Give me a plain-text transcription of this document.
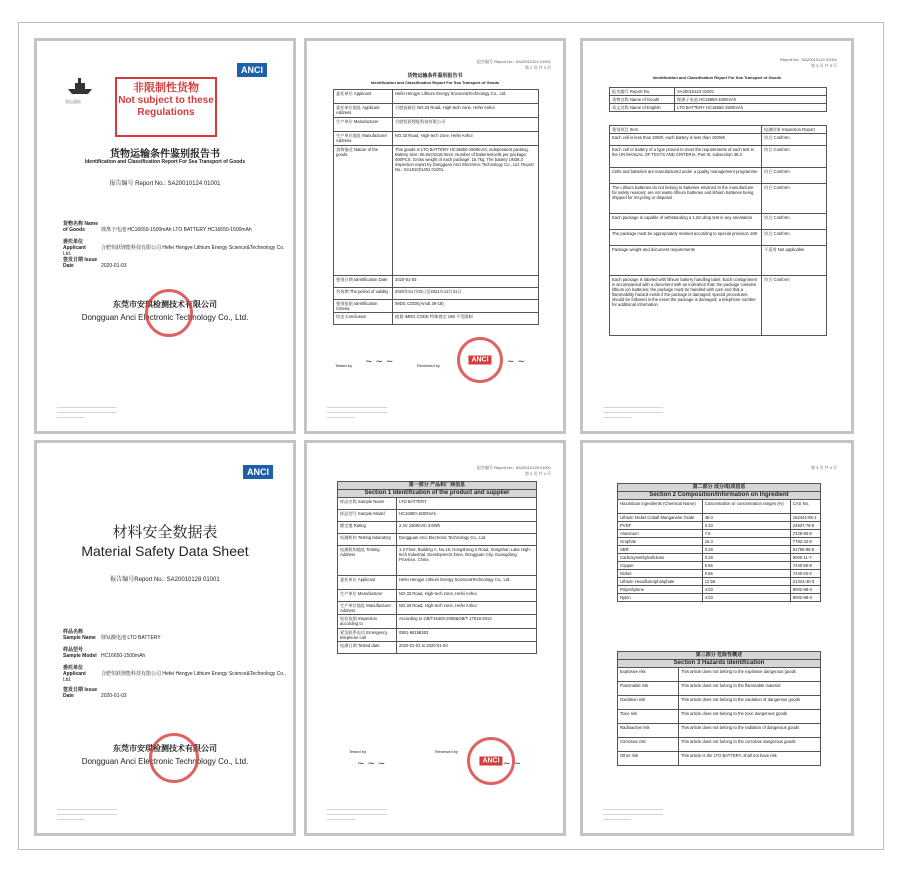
装运品检
ANCI
非限制性货物
Not subject to these Regulations
货物运输条件鉴别报告书
Identification and Classification Report For Sea Transport of Goods
报告编号 Report No.: SA20010124 01001
货物名称 Name of Goods	锂离子电池 HC16650-1500mAh LTO BATTERY HC16650-1500mAh
委托单位 Applicant	合肥恒跃锂能科技有限公司 Hefei Hengye Lithium Energy Science&Technology Co. Ltd.
签发日期 Issue Date	2020-01-03
东莞市安琪检测技术有限公司
Dongguan Anci Electronic Technology Co., Ltd.
———————————————
———————————————
———————
报告编号 Report No.: SA20010124 01001
第 2 页 共 3 页
货物运输条件鉴别报告书
Identification and Classification Report For Sea Transport of Goods
委托单位 Applicant	Hefei Hengye Lithium Energy Science&Technology Co., Ltd.
委托单位地址 Applicant Address	合肥高新区 NO.33 Road, High-tech zone, Hefei Anhui
生产单位 Manufacturer	合肥恒跃锂能科技有限公司
生产单位地址 Manufacturer Address	NO.33 Road, High-tech zone, Hefei Anhui
货物描述 Nature of the goods	This goods is LTO BATTERY HC16650-1500mAh, independent packing. Battery Size: 65.0mmX16.0mm. Number of batteries/cells per package: 400PCS. Gross weight of each package: 16.7kg. The battery UN38.3 inspection report by Dongguan Anci Electronic Technology Co., Ltd. Report No.: SA191021401 01001.
鉴别日期 Identification Date	2020-01-03
有效期 The period of validity	2020年01月03日至2021年12月31日
鉴别依据 Identification Criteria	IMDG CODE(Amdt 39-18)
结论 Conclusion	根据 IMDG CODE 特殊规定 188 不受限制
Tested by ~ ~ ~	Reviewed by	~ ~
ANCI
———————————————
———————————————
———————
Report No.: SA20010124 01001
第 3 页 共 3 页
Identification and Classification Report For Sea Transport of Goods
报告编号 Report No.	SA20010124 01001
货物名称 Name of Goods	锂离子电池 HC16650-1500mAh
英文名称 Name of English	LTO BATTERY HC16650-1500mAh
鉴别项目 Item	检测结果 Inspection Report
Each cell is less than 20Wh; each battery is less than 100Wh	符合 Conform
Each cell or battery of a type proved to meet the requirements of each test in the UN MANUAL OF TESTS AND CRITERIA, Part III, subsection 38.3	符合 Conform
Cells and batteries are manufactured under a quality management programme	符合 Conform
The Lithium batteries do not belong to batteries returned to the manufacturer for safety reasons; are not waste lithium batteries and lithium batteries being shipped for recycling or disposal	符合 Conform
Each package is capable of withstanding a 1.2m drop test in any orientation	符合 Conform
The package must be appropriately marked according to special provision 188	符合 Conform
Package weight and document requirements	不适用 Not applicable
Each package is labeled with lithium battery handling label. Each consignment is accompanied with a document with an indication that: the package contains lithium ion batteries; the package must be handled with care and that a flammability hazard exists if the package is damaged; special procedures should be followed in the event the package is damaged; a telephone number for additional information	符合 Conform
———————————————
———————————————
———————
ANCI
材料安全数据表
Material Safety Data Sheet
报告编号Report No.: SA20010128 01001
样品名称 Sample Name 锂钛酸电池 LTO BATTERY
样品型号 Sample Model HC16650-1500mAh
委托单位 Applicant	合肥恒跃锂能科技有限公司 Hefei Hengye Lithium Energy Science&Technology Co., Ltd.
签发日期 Issue Date	2020-01-03
东莞市安琪检测技术有限公司
Dongguan Anci Electronic Technology Co., Ltd.
———————————————
———————————————
———————
报告编号 Report No.: SA20010128 01001
第 2 页 共 4 页
第一部分 产品和厂商信息	
Section 1 Identification of the product and supplier	
样品名称 Sample Name	LTO BATTERY
样品型号 Sample Model	HC16650-1500mAh
额定值 Rating	2.4V 1500mAh 3.6Wh
检测机构 Testing laboratory	Dongguan Anci Electronic Technology Co., Ltd.
检测机构地址 Testing Address	1-2 Floor, Building A, No.15, Hongsheng 2 Road, Songshan Lake High-tech Industrial, Development Zone, Dongguan City, Guangdong Province, China
委托单位 Applicant	Hefei Hengye Lithium Energy Science&Technology Co., Ltd.
生产单位 Manufacturer	NO.33 Road, High-tech zone, Hefei Anhui
生产单位地址 Manufacturer Address	NO.33 Road, High-tech zone, Hefei Anhui
检验依据 Inspection according to	According to GB/T16483-2008&GB/T 17519-2013
紧急联系电话 Emergency telephone call	0551-68158263
检测日期 Tested date	2020-01-01 to 2020-01-03
Tested by
~ ~ ~
Reviewed by
~ ~
ANCI
———————————————
———————————————
———————
第 3 页 共 4 页
第二部分 成分/组成信息		
Section 2 Composition/Information on Ingredient		
Hazardous ingredients (Chemical Name)	Concentration or concentration ranges (%)	CAS No.
Lithium Nickel Cobalt Manganese Oxide	48.0	182442-95-1
PVDF	0.33	24937-79-9
Aluminum	7.6	7429-90-5
Graphite	16.3	7782-42-5
SBR	0.28	61789-96-6
Carboxymethylcellulose	0.28	9000-11-7
Copper	6.56	7440-50-8
Nickel	0.86	7440-02-0
Lithium Hexafluorophosphate	12.56	21324-40-3
Polyethylene	4.03	9002-88-4
Nylon	4.03	9002-88-4
第三部分 危险性概述	
Section 3 Hazards Identification	
Explosive risk	This article does not belong to the explosive dangerous goods
Flammable risk	This article does not belong to the flammable material
Oxidation risk	This article does not belong to the oxidation of dangerous goods
Toxic risk	This article does not belong to the toxic dangerous goods
Radioactive risk	This article does not belong to the radiation of dangerous goods
Corrosive risk	This article does not belong to the corrosive dangerous goods
Other risk	This article is the LTO BATTERY, shall not have risk
———————————————
———————————————
———————
